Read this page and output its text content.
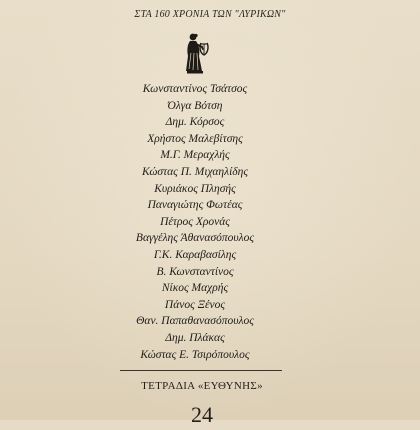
ΣΤΑ 160 ΧΡΟΝΙΑ ΤΩΝ "ΛΥΡΙΚΩΝ"
Κωνσταντίνος Τσάτσος
Όλγα Βότση
Δημ. Κόρσος
Χρήστος Μαλεβίτσης
Μ.Γ. Μεραχλής
Κώστας Π. Μιχαηλίδης
Κυριάκος Πλησής
Παναγιώτης Φωτέας
Πέτρος Χρονάς
Βαγγέλης Άθανασόπουλος
Γ.Κ. Καραβασίλης
Β. Κωνσταντίνος
Νίκος Μαχρής
Πάνος Ξένος
Θαν. Παπαθανασόπουλος
Δημ. Πλάκας
Κώστας Ε. Τσιρόπουλος
ΤΕΤΡΑΔΙΑ «ΕΥΘΥΝΗΣ»
24
